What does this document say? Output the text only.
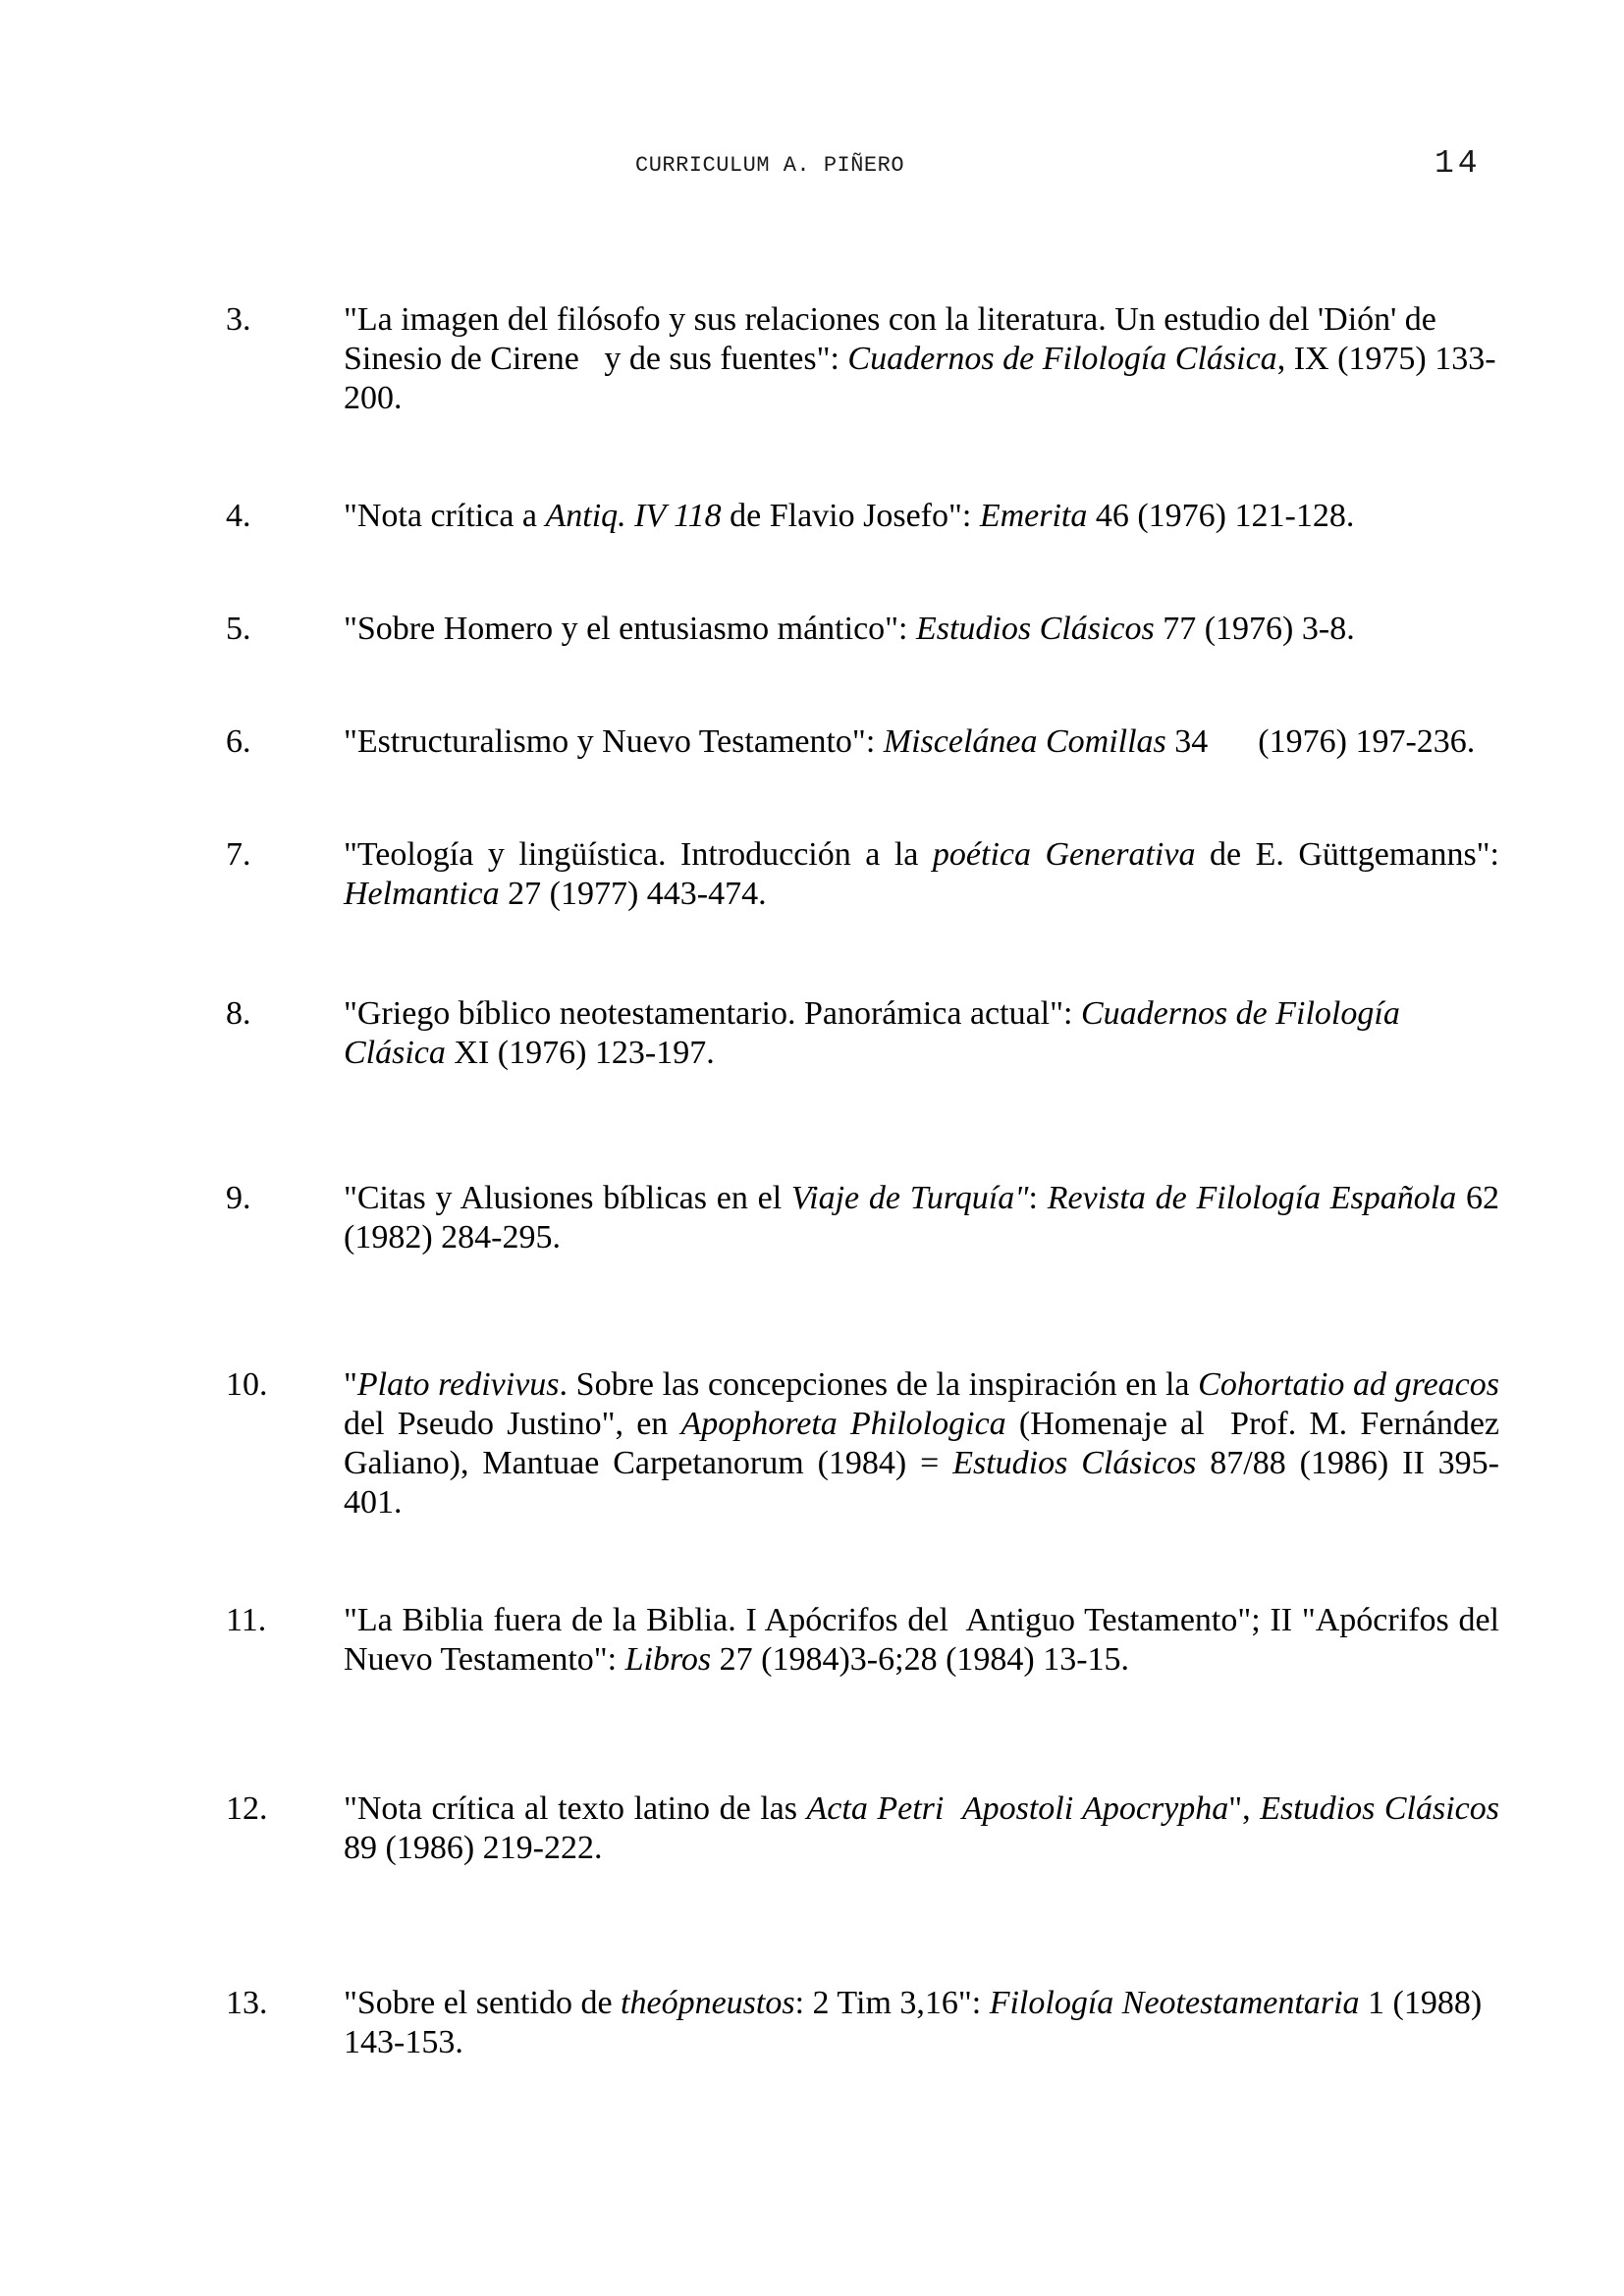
CURRICULUM A. PIÑERO	14
3.	"La imagen del filósofo y sus relaciones con la literatura. Un estudio del 'Dión' de Sinesio de Cirene   y de sus fuentes": Cuadernos de Filología Clásica, IX (1975) 133-200.
4.	"Nota crítica a Antiq. IV 118 de Flavio Josefo": Emerita 46 (1976) 121-128.
5.	"Sobre Homero y el entusiasmo mántico": Estudios Clásicos 77 (1976) 3-8.
6.	"Estructuralismo y Nuevo Testamento": Miscelánea Comillas 34      (1976) 197-236.
7.	"Teología y lingüística. Introducción a la poética Generativa de E. Güttgemanns": Helmantica 27 (1977) 443-474.
8.	"Griego bíblico neotestamentario. Panorámica actual": Cuadernos de Filología Clásica XI (1976) 123-197.
9.	"Citas y Alusiones bíblicas en el Viaje de Turquía": Revista de Filología Española 62 (1982) 284-295.
10.	"Plato redivivus. Sobre las concepciones de la inspiración en la Cohortatio ad greacos del Pseudo Justino", en Apophoreta Philologica (Homenaje al  Prof. M. Fernández Galiano), Mantuae Carpetanorum (1984) = Estudios Clásicos 87/88 (1986) II 395-401.
11.	"La Biblia fuera de la Biblia. I Apócrifos del  Antiguo Testamento"; II "Apócrifos del Nuevo Testamento": Libros 27 (1984)3-6;28 (1984) 13-15.
12.	"Nota crítica al texto latino de las Acta Petri  Apostoli Apocrypha", Estudios Clásicos 89 (1986) 219-222.
13.	"Sobre el sentido de theópneustos: 2 Tim 3,16": Filología Neotestamentaria 1 (1988) 143-153.
